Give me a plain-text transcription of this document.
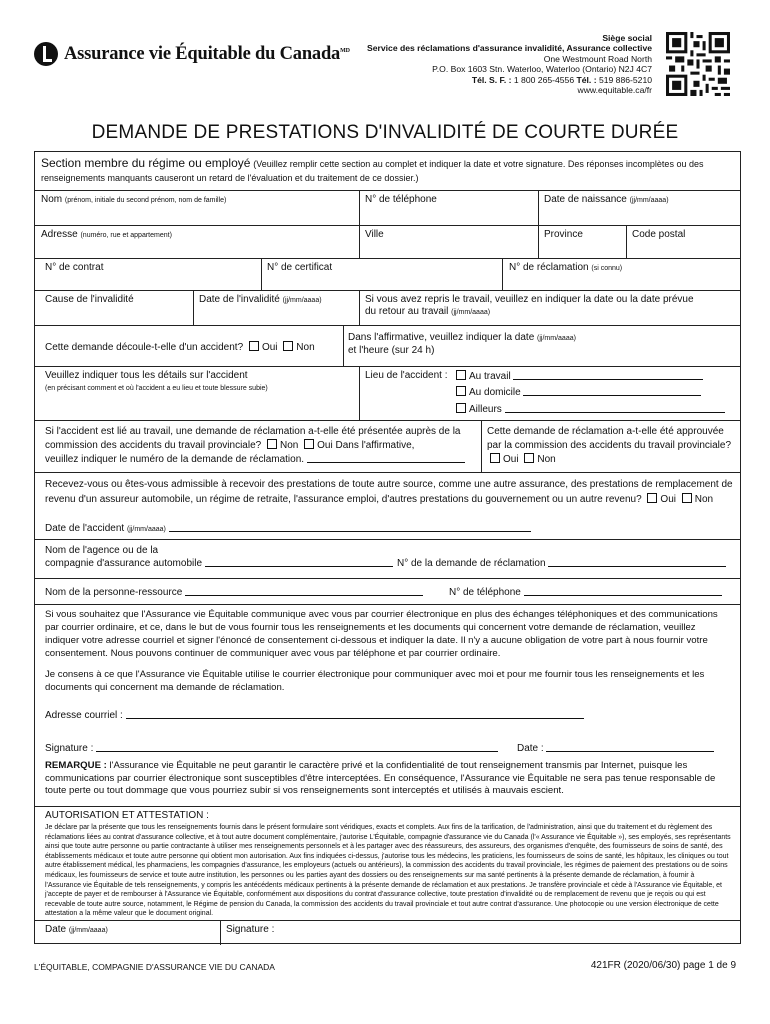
Assurance vie Équitable du Canada$^{MD}$
Siège social
Service des réclamations d'assurance invalidité, Assurance collective
One Westmount Road North
P.O. Box 1603 Stn. Waterloo, Waterloo (Ontario) N2J 4C7
Tél. S. F. : 1 800 265-4556 Tél. : 519 886-5210
www.equitable.ca/fr
DEMANDE DE PRESTATIONS D'INVALIDITÉ DE COURTE DURÉE
Section membre du régime ou employé (Veuillez remplir cette section au complet et indiquer la date et votre signature. Des réponses incomplètes ou des renseignements manquants causeront un retard de l'évaluation et du traitement de ce dossier.)
Nom (prénom, initiale du second prénom, nom de famille)	N° de téléphone	Date de naissance (jj/mm/aaaa)
Adresse (numéro, rue et appartement)	Ville	Province	Code postal
N° de contrat	N° de certificat	N° de réclamation (si connu)
Cause de l'invalidité	Date de l'invalidité (jj/mm/aaaa)	Si vous avez repris le travail, veuillez en indiquer la date ou la date prévue
du retour au travail (jj/mm/aaaa)
Cette demande découle-t-elle d'un accident? Oui Non
Dans l'affirmative, veuillez indiquer la date (jj/mm/aaaa)
et l'heure (sur 24 h)
Veuillez indiquer tous les détails sur l'accident
(en précisant comment et où l'accident a eu lieu et toute blessure subie)
Lieu de l'accident :	Au travail
Au domicile
Ailleurs
Si l'accident est lié au travail, une demande de réclamation a-t-elle été présentée auprès de la
commission des accidents du travail provinciale? Non Oui Dans l'affirmative,
veuillez indiquer le numéro de la demande de réclamation.
Cette demande de réclamation a-t-elle été approuvée
par la commission des accidents du travail provinciale?
Oui Non
Recevez-vous ou êtes-vous admissible à recevoir des prestations de toute autre source, comme une autre assurance, des prestations de remplacement de
revenu d'un assureur automobile, un régime de retraite, l'assurance emploi, d'autres prestations du gouvernement ou un autre revenu? Oui Non
Date de l'accident (jj/mm/aaaa)
Nom de l'agence ou de la
compagnie d'assurance automobile	N° de la demande de réclamation
Nom de la personne-ressource	N° de téléphone
Si vous souhaitez que l'Assurance vie Équitable communique avec vous par courrier électronique en plus des échanges téléphoniques et des communications par courrier ordinaire, et ce, dans le but de vous fournir tous les renseignements et les documents qui concernent votre demande de réclamation, veuillez indiquer votre adresse courriel et signer l'énoncé de consentement ci-dessous et indiquer la date. Il n'y a aucune obligation de votre part à nous fournir votre consentement. Nous pouvons continuer de communiquer avec vous par téléphone et par courrier ordinaire.
Je consens à ce que l'Assurance vie Équitable utilise le courrier électronique pour communiquer avec moi et pour me fournir tous les renseignements et les documents qui concernent ma demande de réclamation.
Adresse courriel :
Signature :	Date :
REMARQUE : l'Assurance vie Équitable ne peut garantir le caractère privé et la confidentialité de tout renseignement transmis par Internet, puisque les communications par courrier électronique sont susceptibles d'être interceptées. En conséquence, l'Assurance vie Équitable ne sera pas tenue responsable de toute perte ou tout dommage que vous pourriez subir si vos renseignements sont interceptés et utilisés à mauvais escient.
AUTORISATION ET ATTESTATION :
Je déclare par la présente que tous les renseignements fournis dans le présent formulaire sont véridiques, exacts et complets. Aux fins de la tarification, de l'administration, ainsi que du traitement et du règlement des réclamations liées au contrat d'assurance collective, et à tout autre document complémentaire, j'autorise L'Équitable, compagnie d'assurance vie du Canada (l'« Assurance vie Équitable »), ses employés, ses représentants ainsi que toute autre personne ou partie contractante à utiliser mes renseignements personnels et à les partager avec des réassureurs, des assureurs, des organismes d'enquête, des fournisseurs de soins de santé, des établissements médicaux et toute autre personne qui obtient mon autorisation. Aux fins indiquées ci-dessus, j'autorise tous les médecins, les praticiens, les fournisseurs de soins de santé, les hôpitaux, les cliniques ou tout autre établissement médical, les pharmaciens, les compagnies d'assurance, les employeurs (actuels ou antérieurs), la commission des accidents du travail provinciale, les régimes de paiement des prestations ou de soins médicaux, les fournisseurs de service et toute autre institution, les personnes ou les parties ayant des dossiers ou des renseignements sur ma santé pertinents à la présente demande de réclamation, à fournir à l'Assurance vie Équitable de tels renseignements, y compris les antécédents médicaux pertinents à la présente demande de réclamation et aux prestations. Je transfère provinciale et cède à l'Assurance vie Équitable, et j'accepte de payer et de rembourser à l'Assurance vie Équitable, conformément aux dispositions du contrat d'assurance collective, toute prestation d'invalidité ou de remplacement de revenu que je reçois ou qui est recevable de toute autre source, notamment, le Régime de pension du Canada, la commission des accidents du travail provinciale et tout autre contrat d'assurance. Une photocopie ou une version électronique de cette attestation a la même valeur que le document original.
Date (jj/mm/aaaa)	Signature :
L'ÉQUITABLE, COMPAGNIE D'ASSURANCE VIE DU CANADA	421FR (2020/06/30) page 1 de 9
